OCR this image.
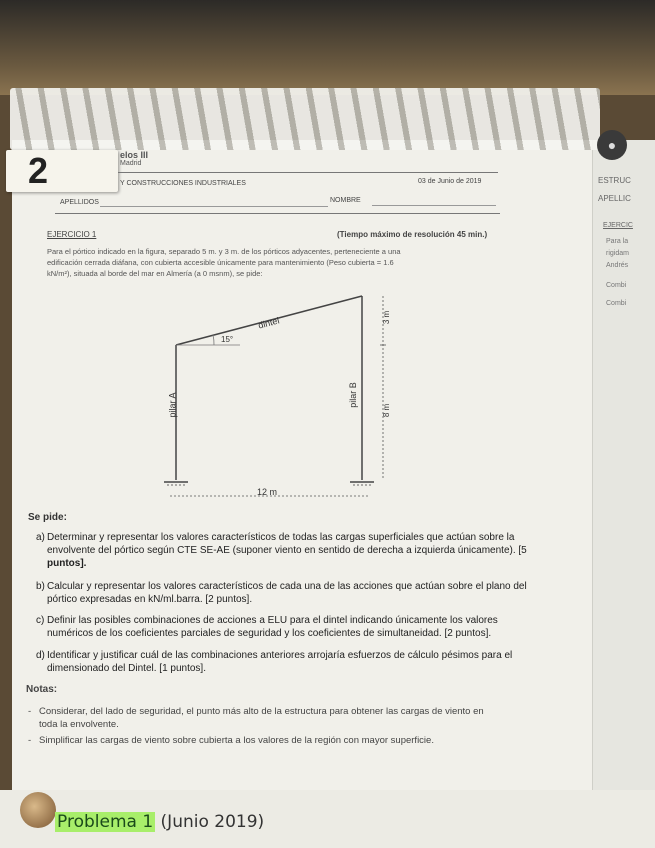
2
●
elos III
Madrid
Y CONSTRUCCIONES INDUSTRIALES	03 de Junio de 2019
APELLIDOS	NOMBRE
EJERCICIO 1	(Tiempo máximo de resolución 45 min.)
Para el pórtico indicado en la figura, separado 5 m. y 3 m. de los pórticos adyacentes, perteneciente a una
edificación cerrada diáfana, con cubierta accesible únicamente para mantenimiento (Peso cubierta = 1.6
kN/m²), situada al borde del mar en Almería (a 0 msnm), se pide:
15°
dintel
pilar A	pilar B
3 m
8 m
12 m
Se pide:
a) Determinar y representar los valores característicos de todas las cargas superficiales que actúan sobre la
envolvente del pórtico según CTE SE-AE (suponer viento en sentido de derecha a izquierda únicamente). [5
puntos].
b) Calcular y representar los valores característicos de cada una de las acciones que actúan sobre el plano del
pórtico expresadas en kN/ml.barra. [2 puntos].
c) Definir las posibles combinaciones de acciones a ELU para el dintel indicando únicamente los valores
numéricos de los coeficientes parciales de seguridad y los coeficientes de simultaneidad. [2 puntos].
d) Identificar y justificar cuál de las combinaciones anteriores arrojaría esfuerzos de cálculo pésimos para el
dimensionado del Dintel. [1 puntos].
Notas:
- Considerar, del lado de seguridad, el punto más alto de la estructura para obtener las cargas de viento en
toda la envolvente.
- Simplificar las cargas de viento sobre cubierta a los valores de la región con mayor superficie.
ESTRUC
APELLIC
EJERCIC
Para la
rigidam
Andrés
Combi
Combi
Problema 1 (Junio 2019)
